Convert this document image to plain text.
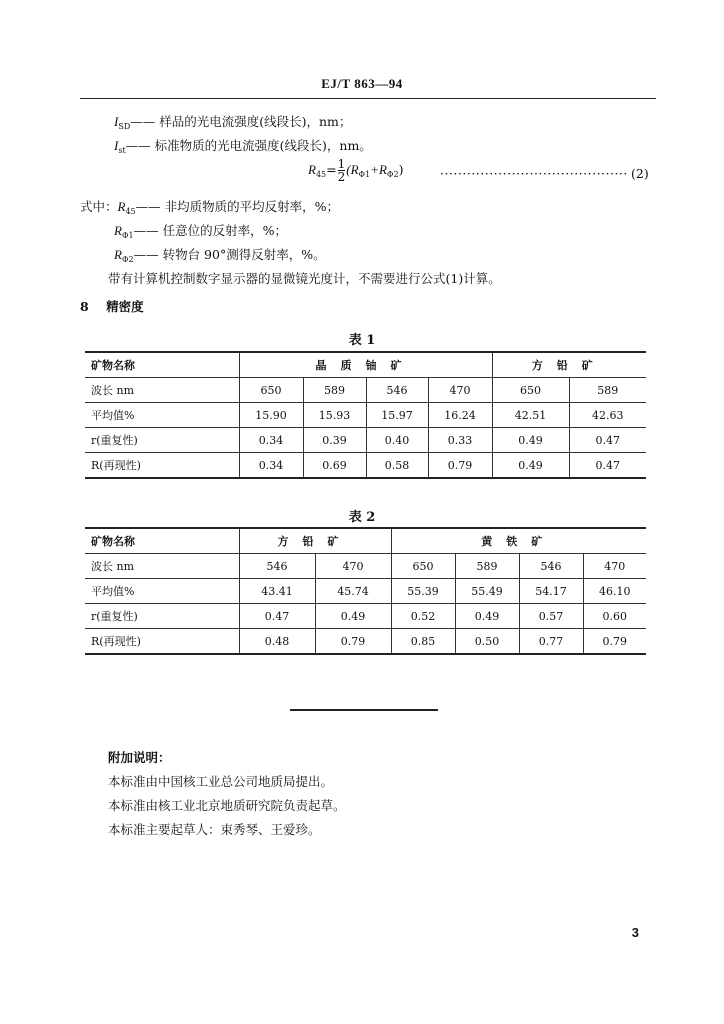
EJ/T 863—94
$I_{SD}——$ 样品的光电流强度(线段长)，nm；
$I_{st}——$ 标准物质的光电流强度(线段长)，nm。
$R_{45}= \frac{1}{2} (R_{\Phi 1}+R_{\Phi 2})$	·········································· (2)
式中：$R_{45}——$ 非均质物质的平均反射率，%；
$R_{\Phi 1}——$ 任意位的反射率，%；
$R_{\Phi 2}——$ 转物台 90°测得反射率，%。
带有计算机控制数字显示器的显微镜光度计，不需要进行公式(1)计算。
8 精密度
表 1
矿物名称	晶质铀矿				方铅矿	
波长 nm	650	589	546	470	650	589
平均值%	15.90	15.93	15.97	16.24	42.51	42.63
r(重复性)	0.34	0.39	0.40	0.33	0.49	0.47
R(再现性)	0.34	0.69	0.58	0.79	0.49	0.47
表 2
矿物名称	方铅矿		黄铁矿			
波长 nm	546	470	650	589	546	470
平均值%	43.41	45.74	55.39	55.49	54.17	46.10
r(重复性)	0.47	0.49	0.52	0.49	0.57	0.60
R(再现性)	0.48	0.79	0.85	0.50	0.77	0.79
附加说明：
本标准由中国核工业总公司地质局提出。
本标准由核工业北京地质研究院负责起草。
本标准主要起草人：束秀琴、王爱珍。
3
